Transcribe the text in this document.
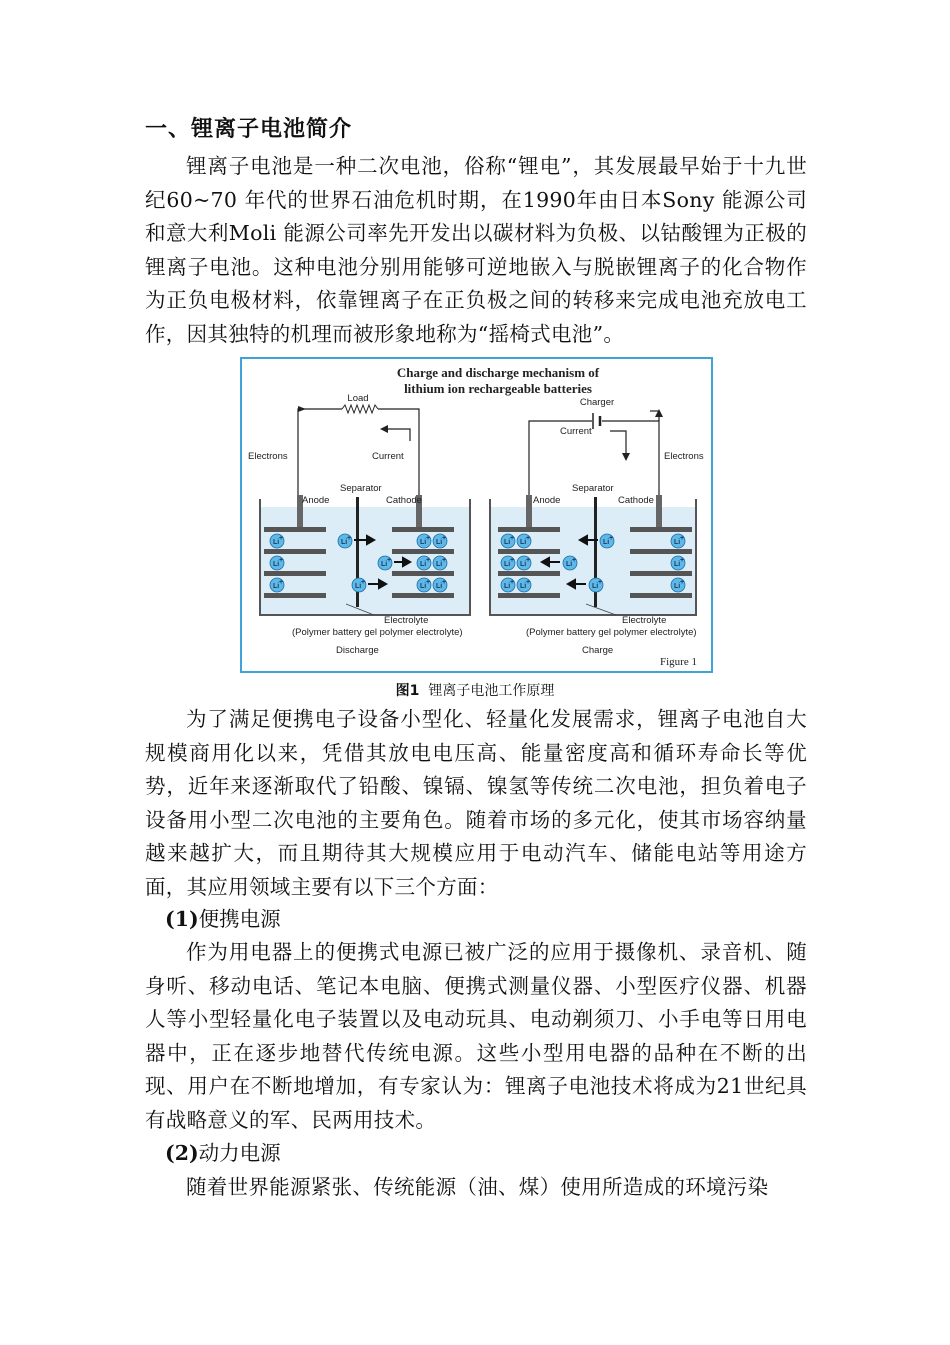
一、锂离子电池简介

锂离子电池是一种二次电池，俗称“锂电”，其发展最早始于十九世纪60~70 年代的世界石油危机时期，在1990年由日本Sony 能源公司和意大利Moli 能源公司率先开发出以碳材料为负极、以钴酸锂为正极的锂离子电池。这种电池分别用能够可逆地嵌入与脱嵌锂离子的化合物作为正负电极材料，依靠锂离子在正负极之间的转移来完成电池充放电工作，因其独特的机理而被形象地称为“摇椅式电池”。

Charge and discharge mechanism of
lithium ion rechargeable batteries
Load
Electrons	Current
Anode	Cathode
Separator
Li
Li
Li
Li
Li
Li
Li Li
Li Li
Li Li
+
+
+
+
+
+
+ +
+ +
+ +
Electrolyte
(Polymer battery gel polymer electrolyte)
Discharge
Charger
Current
Electrons
Anode	Cathode
Separator
Li Li
Li Li
Li Li
Li
Li
Li	Li
Li
Li
+ +
+ +
+ +
+
+
+	+
+
+
Electrolyte
(Polymer battery gel polymer electrolyte)
Charge
Figure 1
图1 锂离子电池工作原理

为了满足便携电子设备小型化、轻量化发展需求，锂离子电池自大规模商用化以来，凭借其放电电压高、能量密度高和循环寿命长等优势，近年来逐渐取代了铅酸、镍镉、镍氢等传统二次电池，担负着电子设备用小型二次电池的主要角色。随着市场的多元化，使其市场容纳量越来越扩大，而且期待其大规模应用于电动汽车、储能电站等用途方面，其应用领域主要有以下三个方面：

(1)便携电源

作为用电器上的便携式电源已被广泛的应用于摄像机、录音机、随身听、移动电话、笔记本电脑、便携式测量仪器、小型医疗仪器、机器人等小型轻量化电子装置以及电动玩具、电动剃须刀、小手电等日用电器中，正在逐步地替代传统电源。这些小型用电器的品种在不断的出现、用户在不断地增加，有专家认为：锂离子电池技术将成为21世纪具有战略意义的军、民两用技术。

(2)动力电源

随着世界能源紧张、传统能源（油、煤）使用所造成的环境污染
